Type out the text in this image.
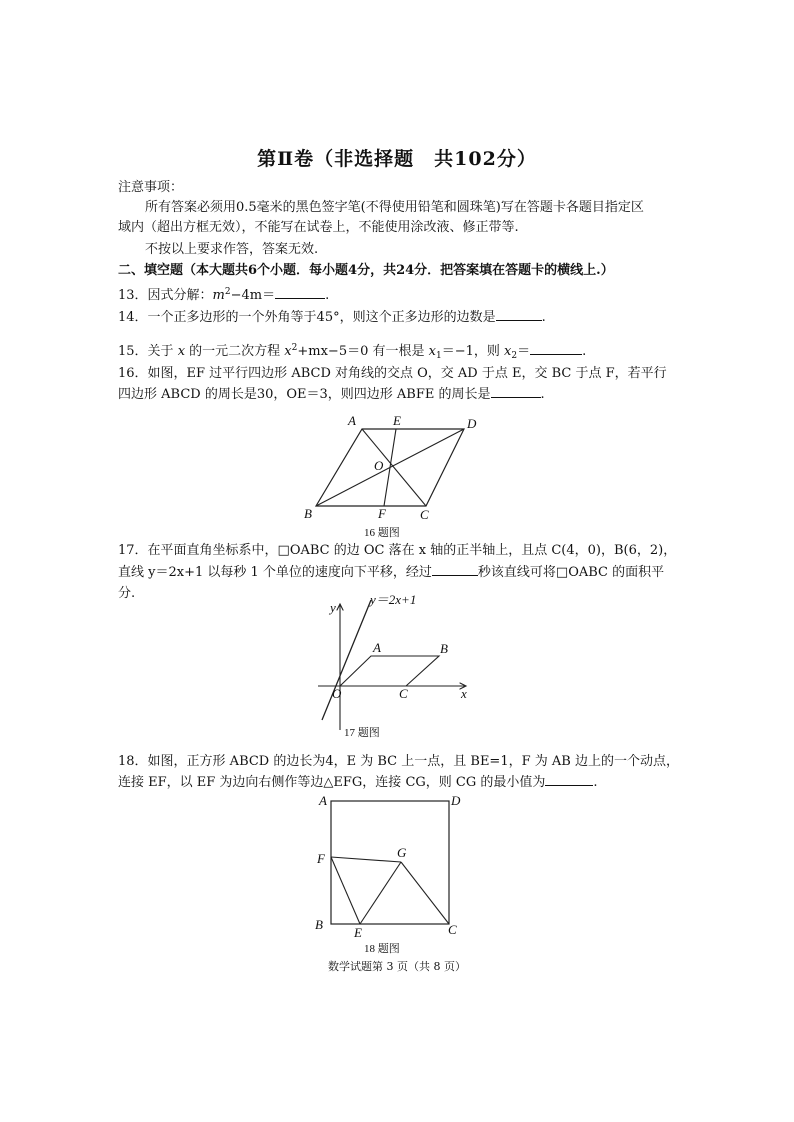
第Ⅱ卷（非选择题　共102分）
注意事项：
所有答案必须用0.5毫米的黑色签字笔(不得使用铅笔和圆珠笔)写在答题卡各题目指定区
域内（超出方框无效），不能写在试卷上，不能使用涂改液、修正带等.
不按以上要求作答，答案无效.
二、填空题（本大题共6个小题．每小题4分，共24分．把答案填在答题卡的横线上.）
13．因式分解：$m^2-4m=$	.
14．一个正多边形的一个外角等于45°，则这个正多边形的边数是	.
15．关于 x 的一元二次方程 $x^2+mx-5=0$ 有一根是 $x_1=-1$，则 $x_2=$	.
16．如图，EF 过平行四边形 ABCD 对角线的交点 O，交 AD 于点 E，交 BC 于点 F，若平行
四边形 ABCD 的周长是30，OE＝3，则四边形 ABFE 的周长是	.
A	E	D
O
B	F	C
16 题图
17．在平面直角坐标系中，□OABC 的边 OC 落在 x 轴的正半轴上，且点 C(4，0)，B(6，2)，
直线 y＝2x+1 以每秒 1 个单位的速度向下平移，经过	秒该直线可将□OABC 的面积平
分.
y
y＝2x+1
A	B
O	C	x
17 题图
18．如图，正方形 ABCD 的边长为4，E 为 BC 上一点，且 BE=1，F 为 AB 边上的一个动点，
连接 EF，以 EF 为边向右侧作等边△EFG，连接 CG，则 CG 的最小值为	.
A	D
F	G
B
E	C
18 题图
数学试题第 3 页（共 8 页）
